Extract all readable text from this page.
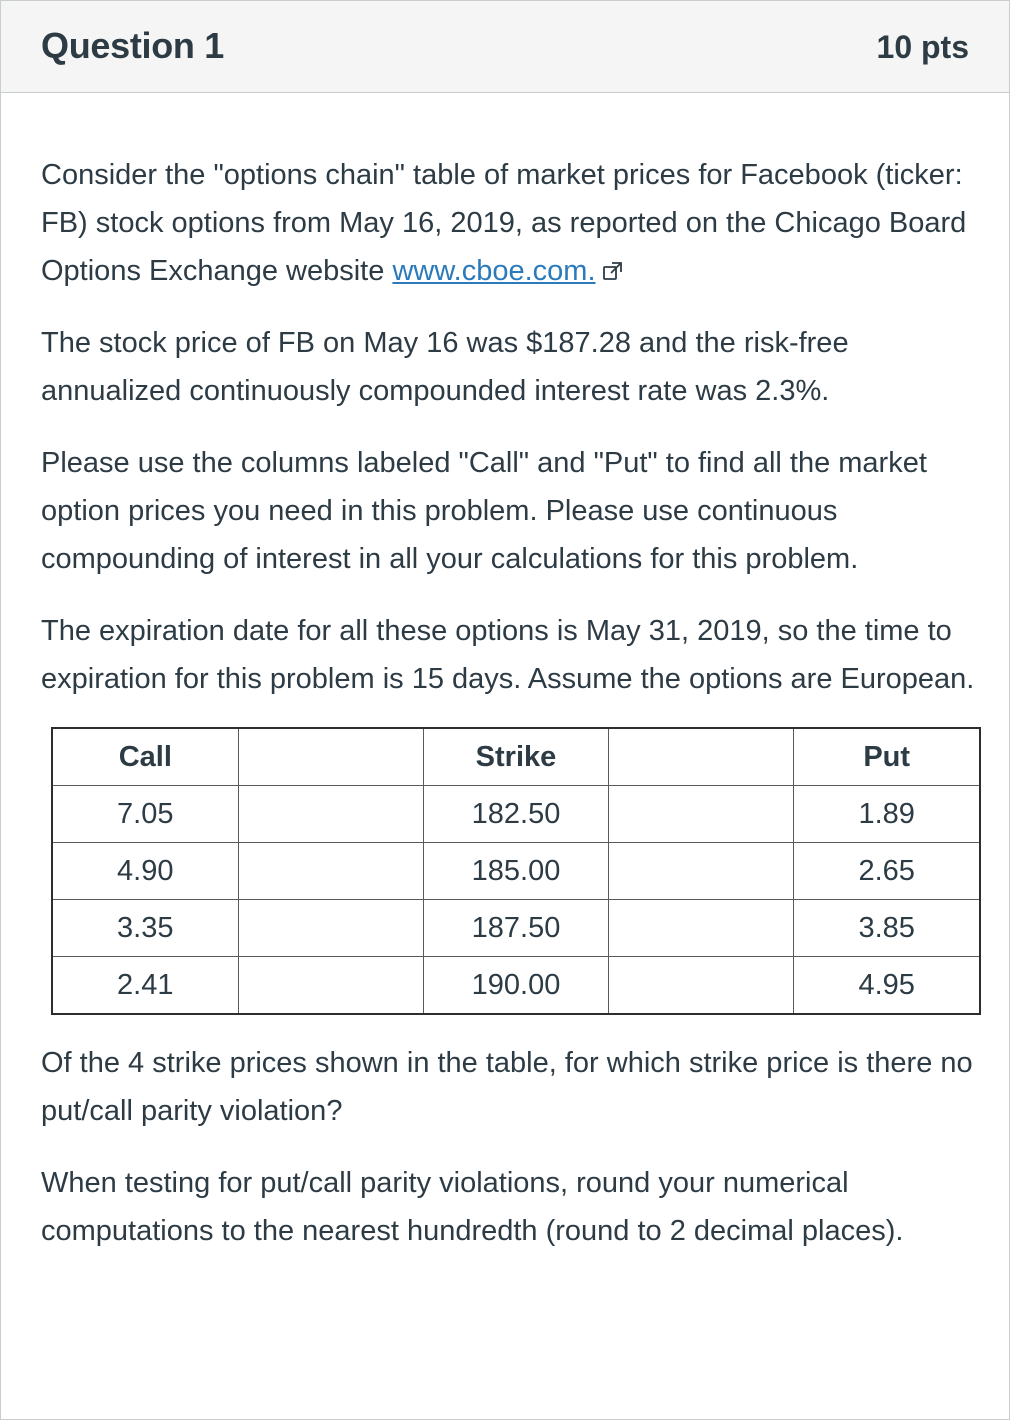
Question 1	10 pts

Consider the "options chain" table of market prices for Facebook (ticker: FB) stock options from May 16, 2019, as reported on the Chicago Board Options Exchange website www.cboe.com.

The stock price of FB on May 16 was $187.28 and the risk-free annualized continuously compounded interest rate was 2.3%.

Please use the columns labeled "Call" and "Put" to find all the market option prices you need in this problem. Please use continuous compounding of interest in all your calculations for this problem.

The expiration date for all these options is May 31, 2019, so the time to expiration for this problem is 15 days. Assume the options are European.

Call		Strike		Put
7.05		182.50		1.89
4.90		185.00		2.65
3.35		187.50		3.85
2.41		190.00		4.95

Of the 4 strike prices shown in the table, for which strike price is there no put/call parity violation?

When testing for put/call parity violations, round your numerical computations to the nearest hundredth (round to 2 decimal places).
